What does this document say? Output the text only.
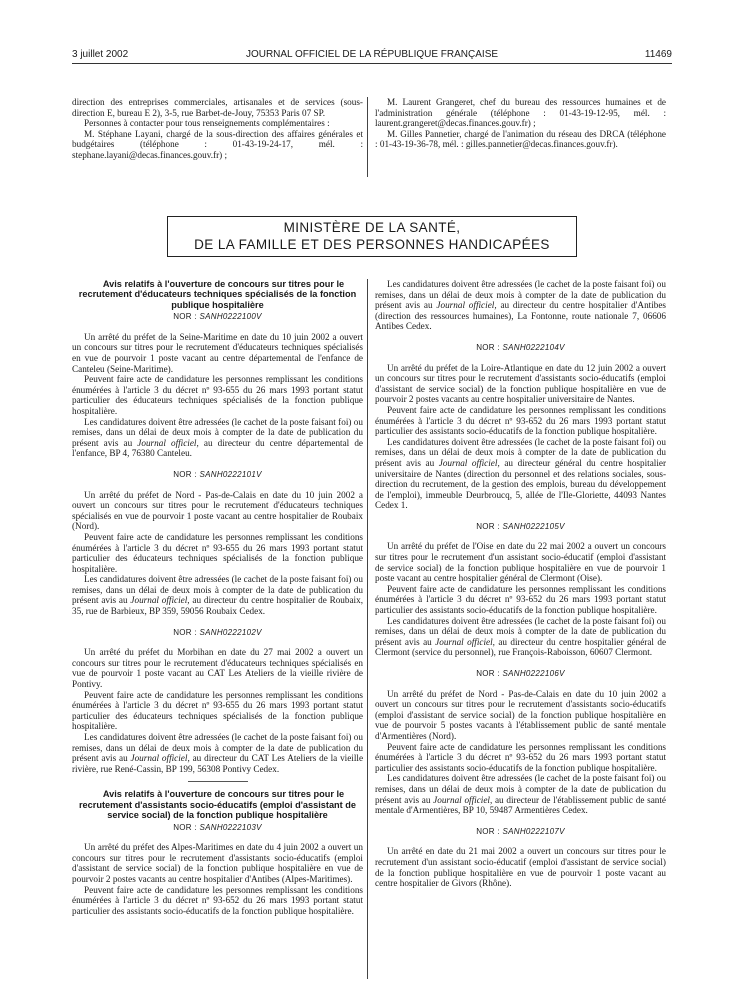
3 juillet 2002	JOURNAL OFFICIEL DE LA RÉPUBLIQUE FRANÇAISE	11469

direction des entreprises commerciales, artisanales et de services (sous-direction E, bureau E 2), 3-5, rue Barbet-de-Jouy, 75353 Paris 07 SP.

Personnes à contacter pour tous renseignements complémentaires :

M. Stéphane Layani, chargé de la sous-direction des affaires générales et budgétaires (téléphone : 01-43-19-24-17, mél. : stephane.layani@decas.finances.gouv.fr) ;

M. Laurent Grangeret, chef du bureau des ressources humaines et de l'administration générale (téléphone : 01-43-19-12-95, mél. : laurent.grangeret@decas.finances.gouv.fr) ;

M. Gilles Pannetier, chargé de l'animation du réseau des DRCA (téléphone : 01-43-19-36-78, mél. : gilles.pannetier@decas.finances.gouv.fr).

MINISTÈRE DE LA SANTÉ,
DE LA FAMILLE ET DES PERSONNES HANDICAPÉES

Avis relatifs à l'ouverture de concours sur titres pour le recrutement d'éducateurs techniques spécialisés de la fonction publique hospitalière

NOR : SANH0222100V

Un arrêté du préfet de la Seine-Maritime en date du 10 juin 2002 a ouvert un concours sur titres pour le recrutement d'éducateurs techniques spécialisés en vue de pourvoir 1 poste vacant au centre départemental de l'enfance de Canteleu (Seine-Maritime).

Peuvent faire acte de candidature les personnes remplissant les conditions énumérées à l'article 3 du décret nº 93-655 du 26 mars 1993 portant statut particulier des éducateurs techniques spécialisés de la fonction publique hospitalière.

Les candidatures doivent être adressées (le cachet de la poste faisant foi) ou remises, dans un délai de deux mois à compter de la date de publication du présent avis au Journal officiel, au directeur du centre départemental de l'enfance, BP 4, 76380 Canteleu.

NOR : SANH0222101V

Un arrêté du préfet de Nord - Pas-de-Calais en date du 10 juin 2002 a ouvert un concours sur titres pour le recrutement d'éducateurs techniques spécialisés en vue de pourvoir 1 poste vacant au centre hospitalier de Roubaix (Nord).

Peuvent faire acte de candidature les personnes remplissant les conditions énumérées à l'article 3 du décret nº 93-655 du 26 mars 1993 portant statut particulier des éducateurs techniques spécialisés de la fonction publique hospitalière.

Les candidatures doivent être adressées (le cachet de la poste faisant foi) ou remises, dans un délai de deux mois à compter de la date de publication du présent avis au Journal officiel, au directeur du centre hospitalier de Roubaix, 35, rue de Barbieux, BP 359, 59056 Roubaix Cedex.

NOR : SANH0222102V

Un arrêté du préfet du Morbihan en date du 27 mai 2002 a ouvert un concours sur titres pour le recrutement d'éducateurs techniques spécialisés en vue de pourvoir 1 poste vacant au CAT Les Ateliers de la vieille rivière de Pontivy.

Peuvent faire acte de candidature les personnes remplissant les conditions énumérées à l'article 3 du décret nº 93-655 du 26 mars 1993 portant statut particulier des éducateurs techniques spécialisés de la fonction publique hospitalière.

Les candidatures doivent être adressées (le cachet de la poste faisant foi) ou remises, dans un délai de deux mois à compter de la date de publication du présent avis au Journal officiel, au directeur du CAT Les Ateliers de la vieille rivière, rue René-Cassin, BP 199, 56308 Pontivy Cedex.

Avis relatifs à l'ouverture de concours sur titres pour le recrutement d'assistants socio-éducatifs (emploi d'assistant de service social) de la fonction publique hospitalière

NOR : SANH0222103V

Un arrêté du préfet des Alpes-Maritimes en date du 4 juin 2002 a ouvert un concours sur titres pour le recrutement d'assistants socio-éducatifs (emploi d'assistant de service social) de la fonction publique hospitalière en vue de pourvoir 2 postes vacants au centre hospitalier d'Antibes (Alpes-Maritimes).

Peuvent faire acte de candidature les personnes remplissant les conditions énumérées à l'article 3 du décret nº 93-652 du 26 mars 1993 portant statut particulier des assistants socio-éducatifs de la fonction publique hospitalière.

Les candidatures doivent être adressées (le cachet de la poste faisant foi) ou remises, dans un délai de deux mois à compter de la date de publication du présent avis au Journal officiel, au directeur du centre hospitalier d'Antibes (direction des ressources humaines), La Fontonne, route nationale 7, 06606 Antibes Cedex.

NOR : SANH0222104V

Un arrêté du préfet de la Loire-Atlantique en date du 12 juin 2002 a ouvert un concours sur titres pour le recrutement d'assistants socio-éducatifs (emploi d'assistant de service social) de la fonction publique hospitalière en vue de pourvoir 2 postes vacants au centre hospitalier universitaire de Nantes.

Peuvent faire acte de candidature les personnes remplissant les conditions énumérées à l'article 3 du décret nº 93-652 du 26 mars 1993 portant statut particulier des assistants socio-éducatifs de la fonction publique hospitalière.

Les candidatures doivent être adressées (le cachet de la poste faisant foi) ou remises, dans un délai de deux mois à compter de la date de publication du présent avis au Journal officiel, au directeur général du centre hospitalier universitaire de Nantes (direction du personnel et des relations sociales, sous-direction du recrutement, de la gestion des emplois, bureau du développement de l'emploi), immeuble Deurbroucq, 5, allée de l'Ile-Gloriette, 44093 Nantes Cedex 1.

NOR : SANH0222105V

Un arrêté du préfet de l'Oise en date du 22 mai 2002 a ouvert un concours sur titres pour le recrutement d'un assistant socio-éducatif (emploi d'assistant de service social) de la fonction publique hospitalière en vue de pourvoir 1 poste vacant au centre hospitalier général de Clermont (Oise).

Peuvent faire acte de candidature les personnes remplissant les conditions énumérées à l'article 3 du décret nº 93-652 du 26 mars 1993 portant statut particulier des assistants socio-éducatifs de la fonction publique hospitalière.

Les candidatures doivent être adressées (le cachet de la poste faisant foi) ou remises, dans un délai de deux mois à compter de la date de publication du présent avis au Journal officiel, au directeur du centre hospitalier général de Clermont (service du personnel), rue François-Raboisson, 60607 Clermont.

NOR : SANH0222106V

Un arrêté du préfet de Nord - Pas-de-Calais en date du 10 juin 2002 a ouvert un concours sur titres pour le recrutement d'assistants socio-éducatifs (emploi d'assistant de service social) de la fonction publique hospitalière en vue de pourvoir 5 postes vacants à l'établissement public de santé mentale d'Armentières (Nord).

Peuvent faire acte de candidature les personnes remplissant les conditions énumérées à l'article 3 du décret nº 93-652 du 26 mars 1993 portant statut particulier des assistants socio-éducatifs de la fonction publique hospitalière.

Les candidatures doivent être adressées (le cachet de la poste faisant foi) ou remises, dans un délai de deux mois à compter de la date de publication du présent avis au Journal officiel, au directeur de l'établissement public de santé mentale d'Armentières, BP 10, 59487 Armentières Cedex.

NOR : SANH0222107V

Un arrêté en date du 21 mai 2002 a ouvert un concours sur titres pour le recrutement d'un assistant socio-éducatif (emploi d'assistant de service social) de la fonction publique hospitalière en vue de pourvoir 1 poste vacant au centre hospitalier de Givors (Rhône).
